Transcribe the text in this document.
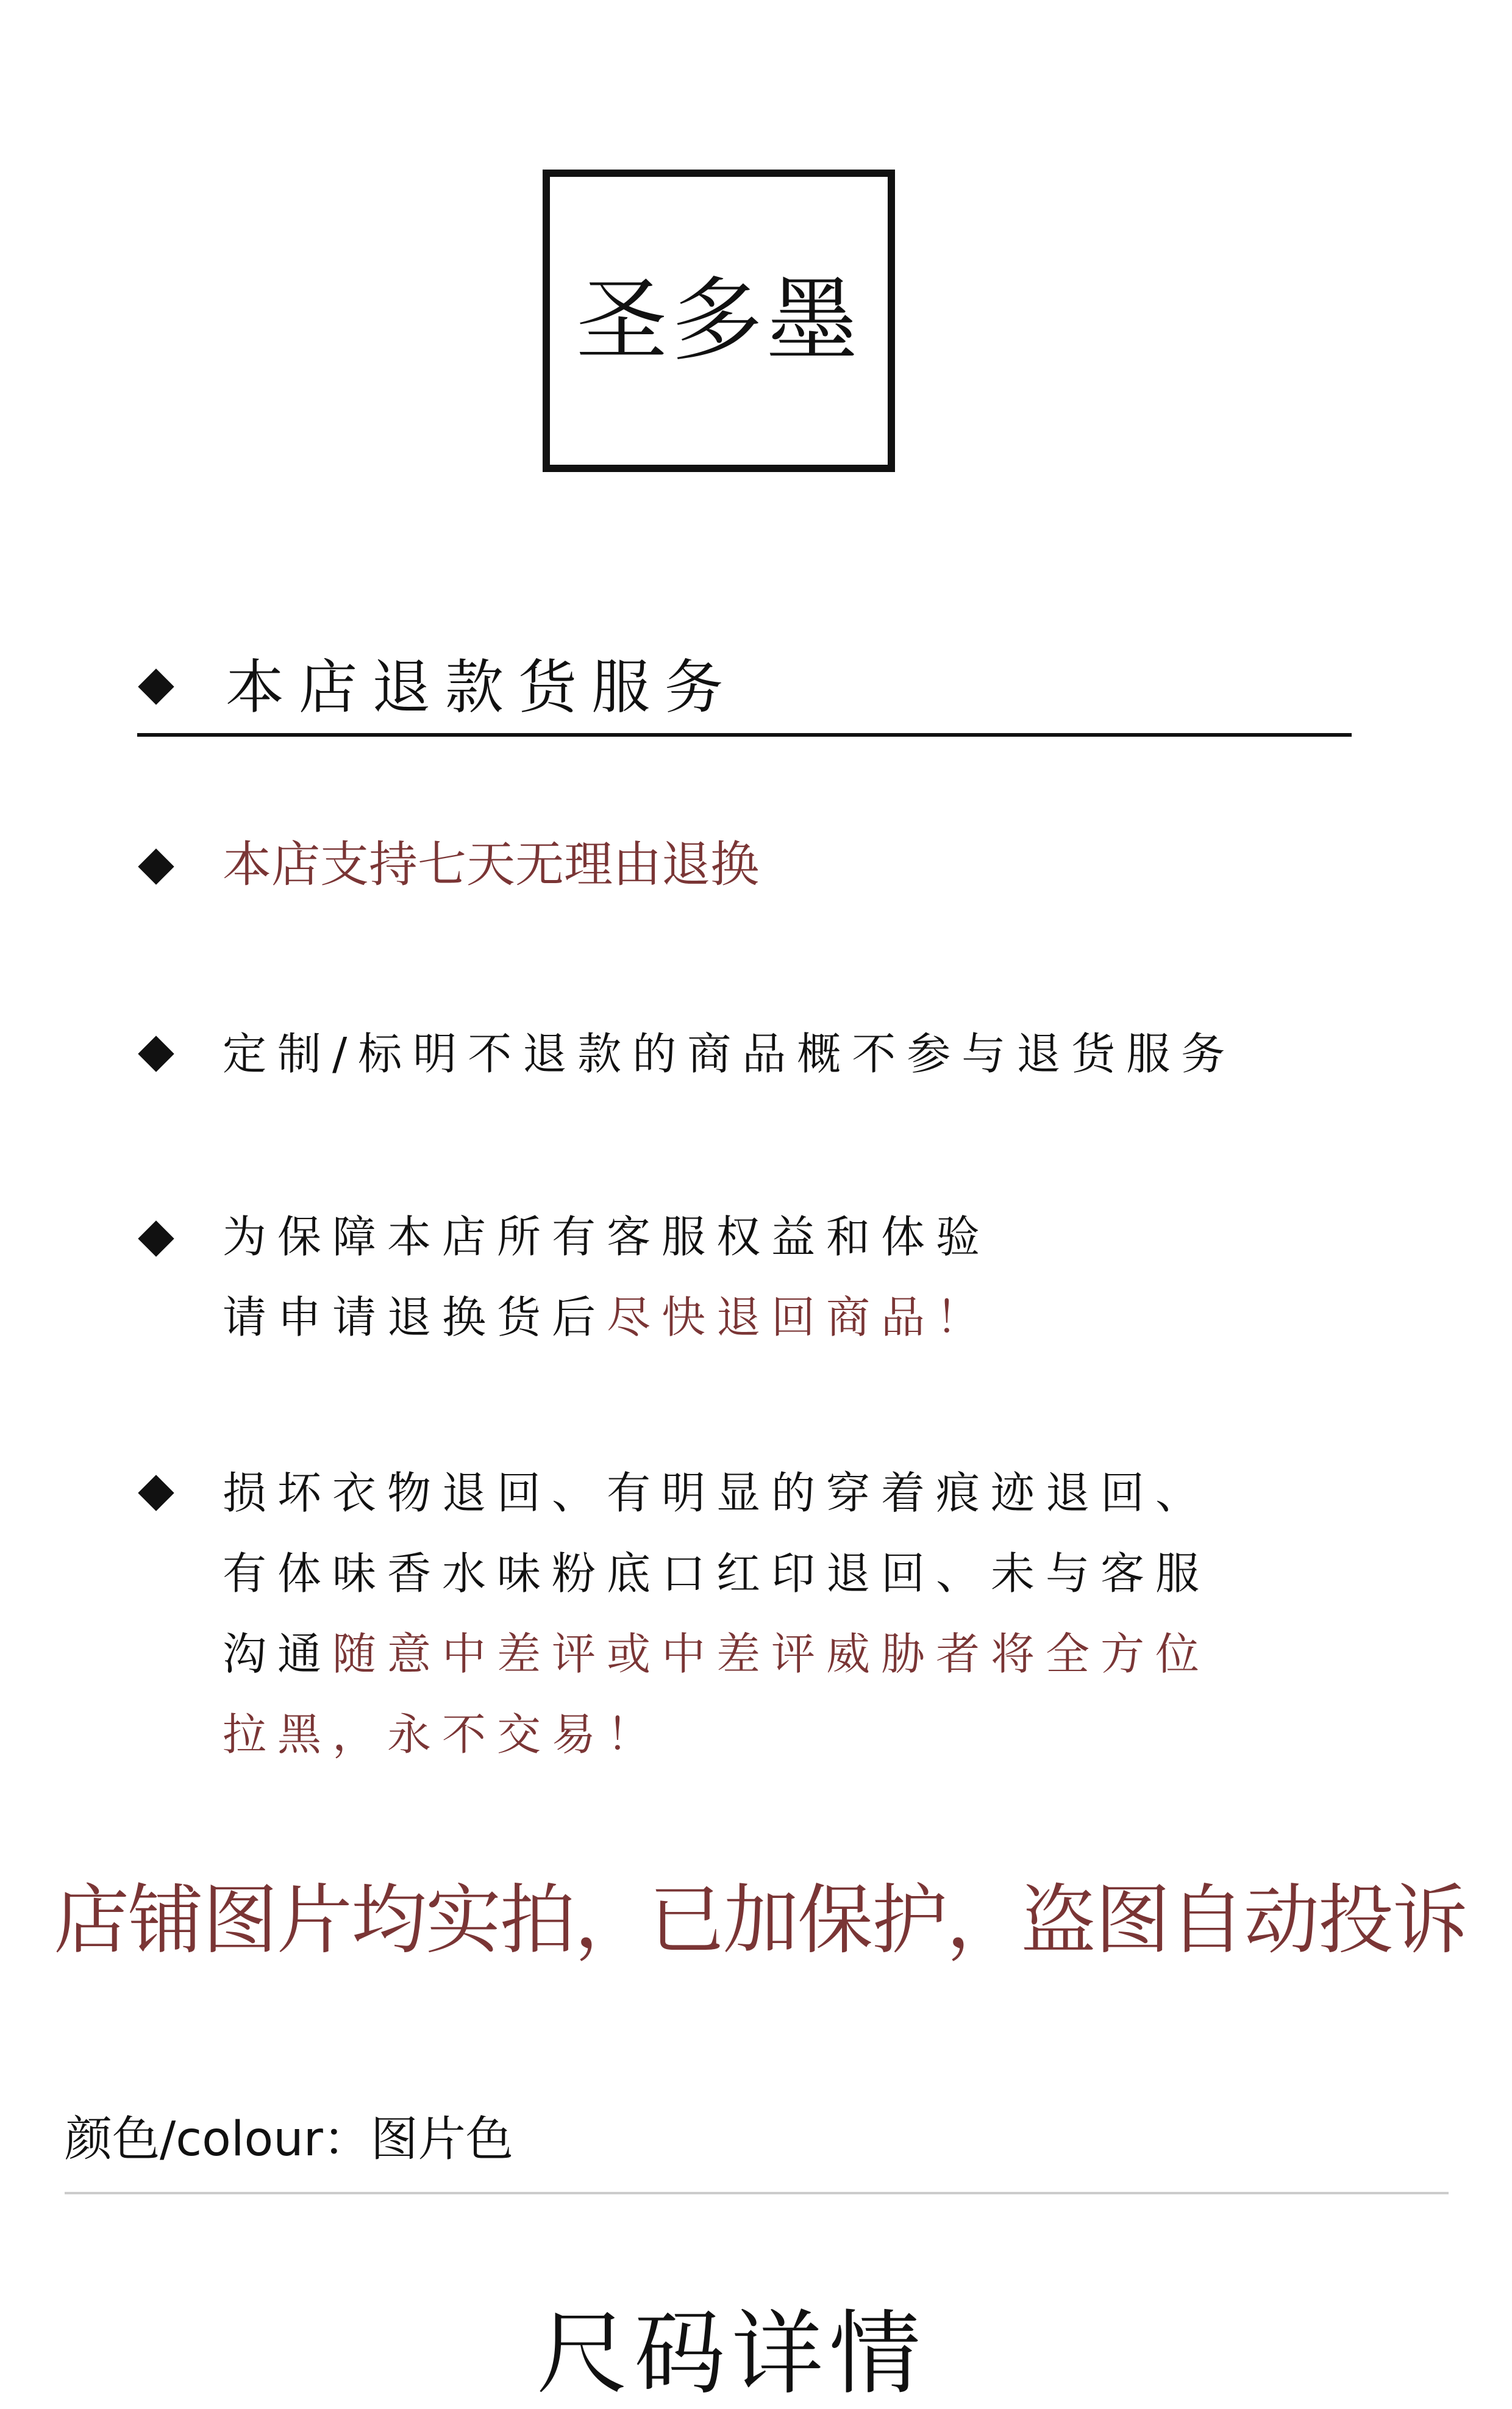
圣多墨
本店退款货服务
本店支持七天无理由退换
定制/标明不退款的商品概不参与退货服务
为保障本店所有客服权益和体验
请申请退换货后尽快退回商品！
损坏衣物退回、有明显的穿着痕迹退回、
有体味香水味粉底口红印退回、未与客服
沟通随意中差评或中差评威胁者将全方位
拉黑，永不交易！
店铺图片均实拍，已加保护，盗图自动投诉
颜色/colour：图片色
尺码详情
